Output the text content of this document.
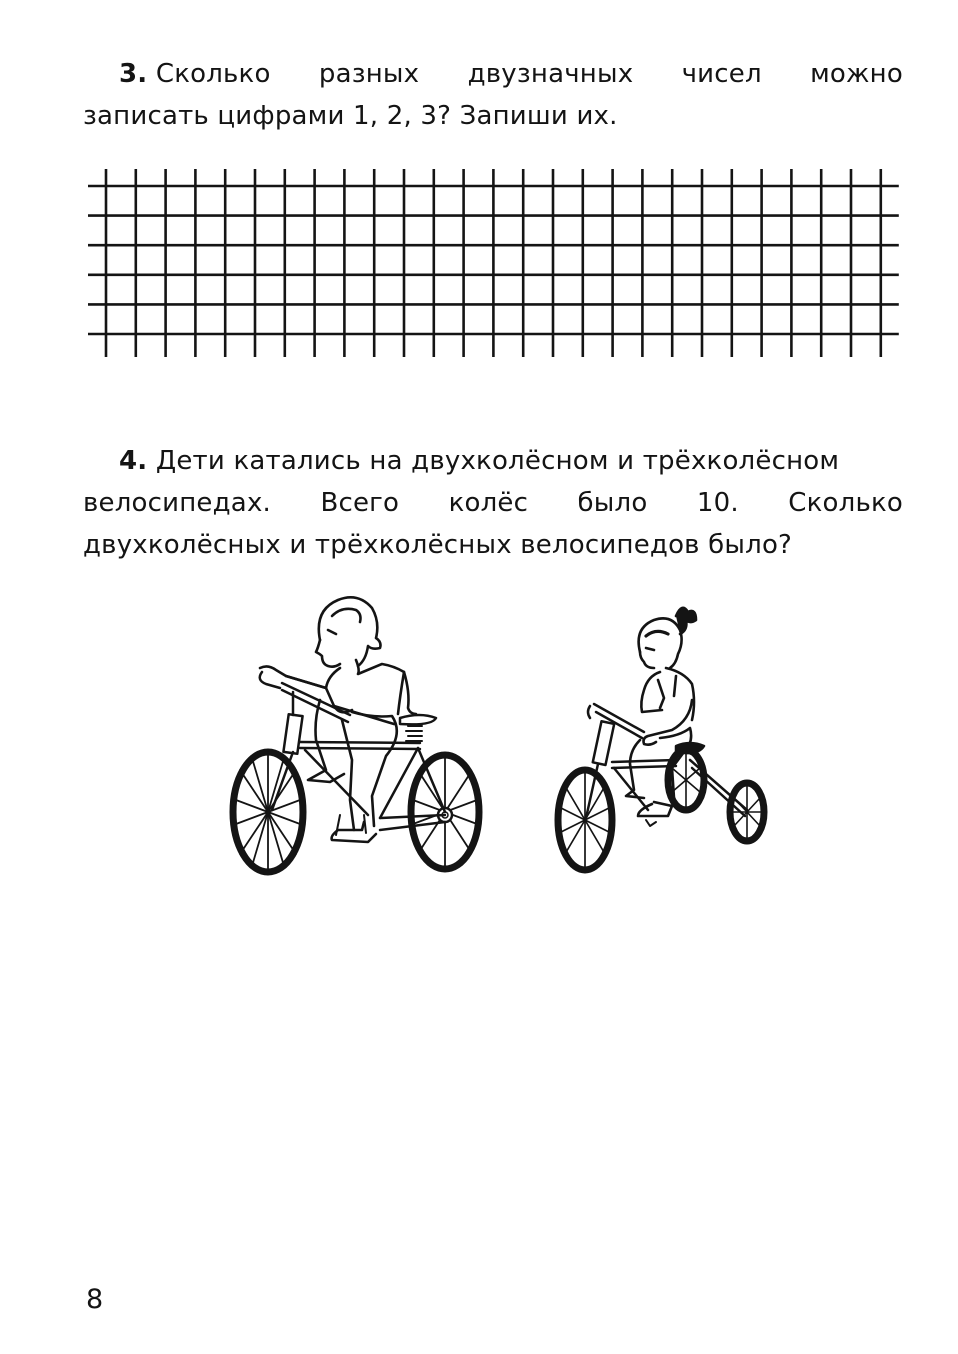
3. Сколько разных двузначных чисел можно
записать цифрами 1, 2, 3? Запиши их.
4. Дети катались на двухколёсном и трёхколёсном
велосипедах. Всего колёс было 10. Сколько
двухколёсных и трёхколёсных велосипедов было?
8
